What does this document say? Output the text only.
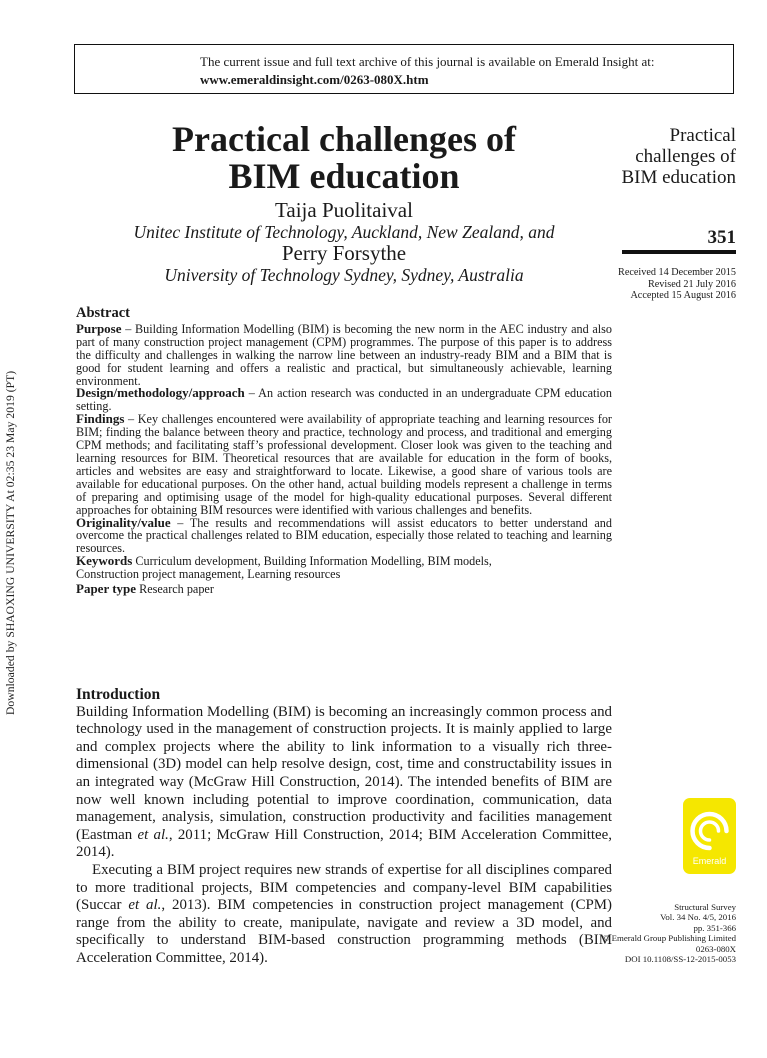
Downloaded by SHAOXING UNIVERSITY At 02:35 23 May 2019 (PT)
The current issue and full text archive of this journal is available on Emerald Insight at:
www.emeraldinsight.com/0263-080X.htm
Practical challenges of
BIM education
Taija Puolitaival
Unitec Institute of Technology, Auckland, New Zealand, and
Perry Forsythe
University of Technology Sydney, Sydney, Australia
Practical
challenges of
BIM education
351
Received 14 December 2015
Revised 21 July 2016
Accepted 15 August 2016
Abstract

Purpose – Building Information Modelling (BIM) is becoming the new norm in the AEC industry and also part of many construction project management (CPM) programmes. The purpose of this paper is to address the difficulty and challenges in walking the narrow line between an industry-ready BIM and a BIM that is good for student learning and offers a realistic and practical, but simultaneously achievable, learning environment.

Design/methodology/approach – An action research was conducted in an undergraduate CPM education setting.

Findings – Key challenges encountered were availability of appropriate teaching and learning resources for BIM; finding the balance between theory and practice, technology and process, and traditional and emerging CPM methods; and facilitating staff’s professional development. Closer look was given to the teaching and learning resources for BIM. Theoretical resources that are available for education in the form of books, articles and websites are easy and straightforward to locate. Likewise, a good share of various tools are available for educational purposes. On the other hand, actual building models represent a challenge in terms of preparing and optimising usage of the model for high-quality educational purposes. Several different approaches for obtaining BIM resources were identified with various challenges and benefits.

Originality/value – The results and recommendations will assist educators to better understand and overcome the practical challenges related to BIM education, especially those related to teaching and learning resources.

Keywords Curriculum development, Building Information Modelling, BIM models,
Construction project management, Learning resources

Paper type Research paper

Introduction

Building Information Modelling (BIM) is becoming an increasingly common process and technology used in the management of construction projects. It is mainly applied to large and complex projects where the ability to link information to a visually rich three-dimensional (3D) model can help resolve design, cost, time and constructability issues in an integrated way (McGraw Hill Construction, 2014). The intended benefits of BIM are now well known including potential to improve coordination, communication, data management, analysis, simulation, construction productivity and facilities management (Eastman et al., 2011; McGraw Hill Construction, 2014; BIM Acceleration Committee, 2014).

Executing a BIM project requires new strands of expertise for all disciplines compared to more traditional projects, BIM competencies and company-level BIM capabilities (Succar et al., 2013). BIM competencies in construction project management (CPM) range from the ability to create, manipulate, navigate and review a 3D model, and specifically to understand BIM-based construction programming methods (BIM Acceleration Committee, 2014).

Emerald
Structural Survey
Vol. 34 No. 4/5, 2016
pp. 351-366
© Emerald Group Publishing Limited
0263-080X
DOI 10.1108/SS-12-2015-0053
